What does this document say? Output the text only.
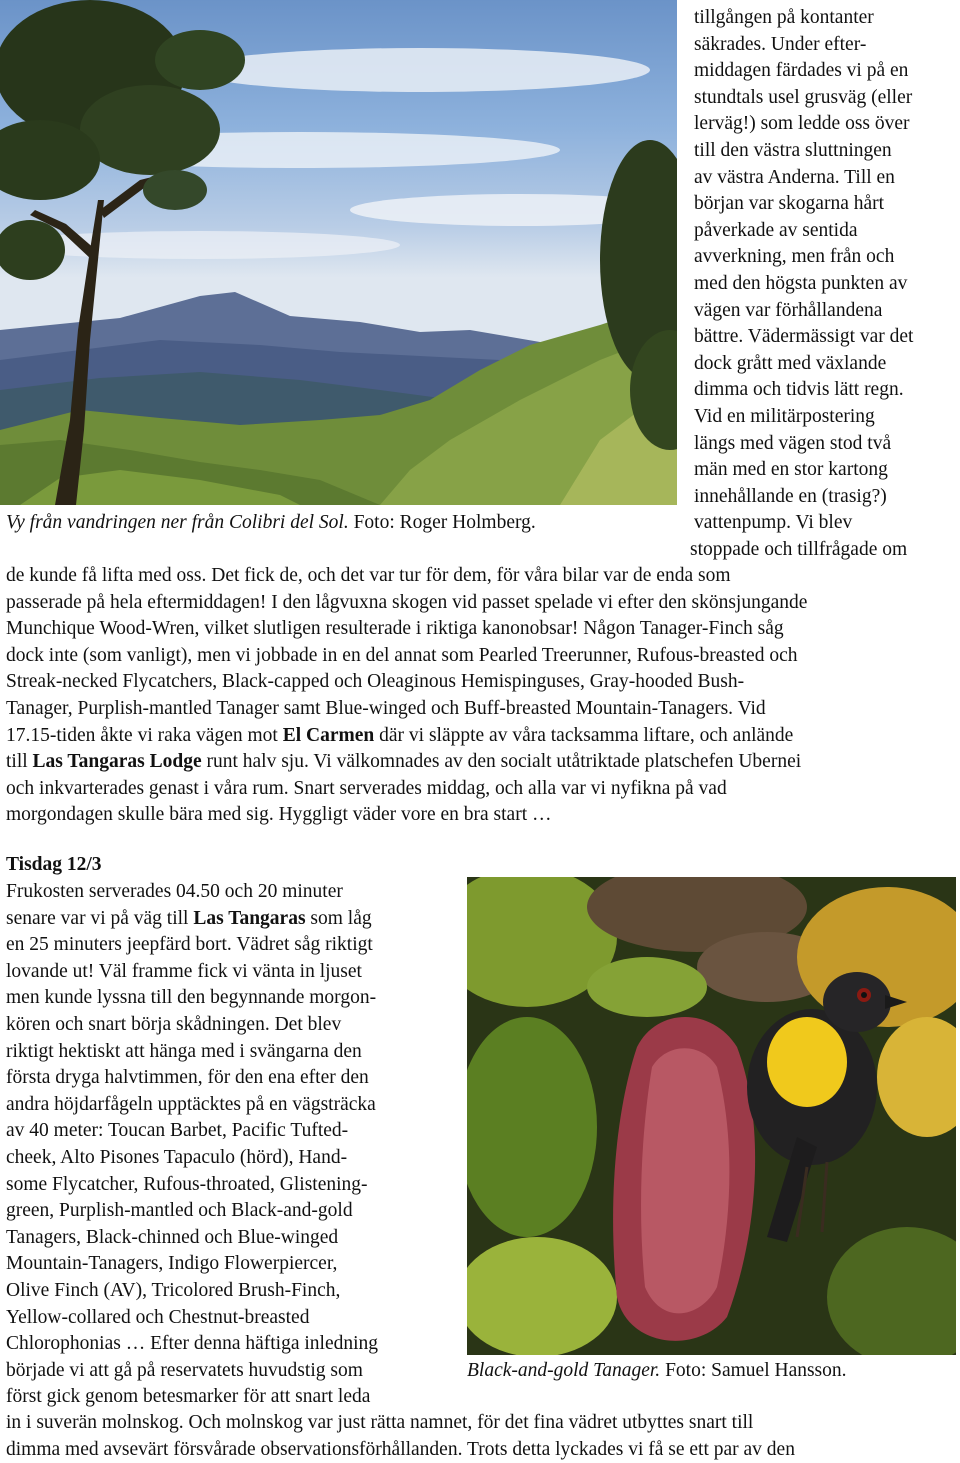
tillgången på kontanter
säkrades. Under efter-
middagen färdades vi på en
stundtals usel grusväg (eller
lerväg!) som ledde oss över
till den västra sluttningen
av västra Anderna. Till en
början var skogarna hårt
påverkade av sentida
avverkning, men från och
med den högsta punkten av
vägen var förhållandena
bättre. Vädermässigt var det
dock grått med växlande
dimma och tidvis lätt regn.
Vid en militärpostering
längs med vägen stod två
män med en stor kartong
innehållande en (trasig?)
vattenpump. Vi blev
stoppade och tillfrågade om
Vy från vandringen ner från Colibri del Sol. Foto: Roger Holmberg.
de kunde få lifta med oss. Det fick de, och det var tur för dem, för våra bilar var de enda som
passerade på hela eftermiddagen! I den lågvuxna skogen vid passet spelade vi efter den skönsjungande
Munchique Wood-Wren, vilket slutligen resulterade i riktiga kanonobsar! Någon Tanager-Finch såg
dock inte (som vanligt), men vi jobbade in en del annat som Pearled Treerunner, Rufous-breasted och
Streak-necked Flycatchers, Black-capped och Oleaginous Hemispinguses, Gray-hooded Bush-
Tanager, Purplish-mantled Tanager samt Blue-winged och Buff-breasted Mountain-Tanagers. Vid
17.15-tiden åkte vi raka vägen mot El Carmen där vi släppte av våra tacksamma liftare, och anlände
till Las Tangaras Lodge runt halv sju. Vi välkomnades av den socialt utåtriktade platschefen Ubernei
och inkvarterades genast i våra rum. Snart serverades middag, och alla var vi nyfikna på vad
morgondagen skulle bära med sig. Hyggligt väder vore en bra start …
Tisdag 12/3
Frukosten serverades 04.50 och 20 minuter
senare var vi på väg till Las Tangaras som låg
en 25 minuters jeepfärd bort. Vädret såg riktigt
lovande ut! Väl framme fick vi vänta in ljuset
men kunde lyssna till den begynnande morgon-
kören och snart börja skådningen. Det blev
riktigt hektiskt att hänga med i svängarna den
första dryga halvtimmen, för den ena efter den
andra höjdarfågeln upptäcktes på en vägsträcka
av 40 meter: Toucan Barbet, Pacific Tufted-
cheek, Alto Pisones Tapaculo (hörd), Hand-
some Flycatcher, Rufous-throated, Glistening-
green, Purplish-mantled och Black-and-gold
Tanagers, Black-chinned och Blue-winged
Mountain-Tanagers, Indigo Flowerpiercer,
Olive Finch (AV), Tricolored Brush-Finch,
Yellow-collared och Chestnut-breasted
Chlorophonias … Efter denna häftiga inledning
började vi att gå på reservatets huvudstig som
först gick genom betesmarker för att snart leda
Black-and-gold Tanager. Foto: Samuel Hansson.
in i suverän molnskog. Och molnskog var just rätta namnet, för det fina vädret utbyttes snart till
dimma med avsevärt försvårade observationsförhållanden. Trots detta lyckades vi få se ett par av den
